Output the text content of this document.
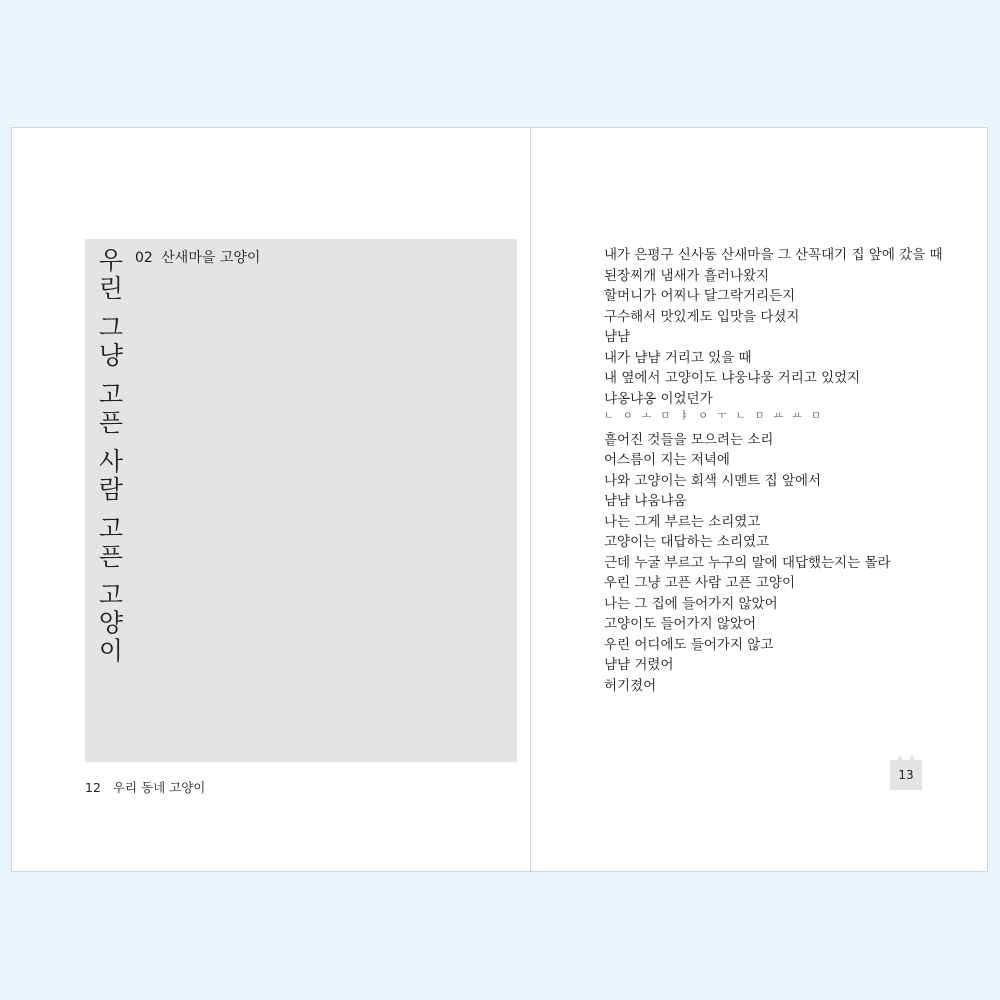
우린 그냥 고픈 사람 고픈 고양이 02 산새마을 고양이
12 우리 동네 고양이
내가 은평구 신사동 산새마을 그 산꼭대기 집 앞에 갔을 때
된장찌개 냄새가 흘러나왔지
할머니가 어찌나 달그락거리든지
구수해서 맛있게도 입맛을 다셨지
냠냠
내가 냠냠 거리고 있을 때
내 옆에서 고양이도 냐웅냐웅 거리고 있었지
냐옹냐옹 이었던가
ㄴ ㅇ ㅗ ㅁ ㅑ ㅇ ㅜ ㄴ ㅁ ㅛ ㅛ ㅁ
흩어진 것들을 모으려는 소리
어스름이 지는 저녁에
나와 고양이는 회색 시멘트 집 앞에서
냠냠 냐움냐움
나는 그게 부르는 소리였고
고양이는 대답하는 소리였고
근데 누굴 부르고 누구의 말에 대답했는지는 몰라
우린 그냥 고픈 사람 고픈 고양이
나는 그 집에 들어가지 않았어
고양이도 들어가지 않았어
우린 어디에도 들어가지 않고
냠냠 거렸어
허기졌어
13
